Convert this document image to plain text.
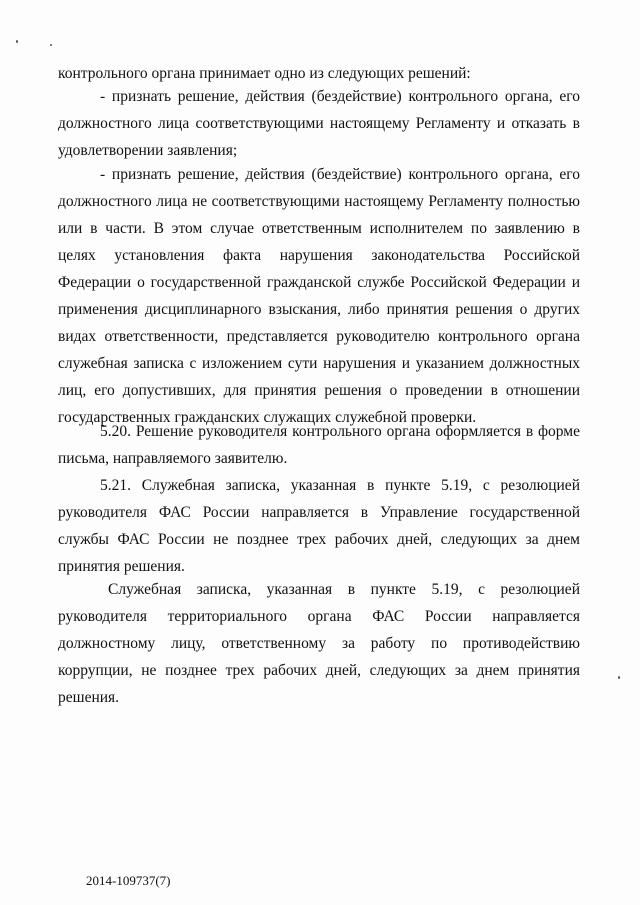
контрольного органа принимает одно из следующих решений:

- признать решение, действия (бездействие) контрольного органа, его должностного лица соответствующими настоящему Регламенту и отказать в удовлетворении заявления;

- признать решение, действия (бездействие) контрольного органа, его должностного лица не соответствующими настоящему Регламенту полностью или в части. В этом случае ответственным исполнителем по заявлению в целях установления факта нарушения законодательства Российской Федерации о государственной гражданской службе Российской Федерации и применения дисциплинарного взыскания, либо принятия решения о других видах ответственности, представляется руководителю контрольного органа служебная записка с изложением сути нарушения и указанием должностных лиц, его допустивших, для принятия решения о проведении в отношении государственных гражданских служащих служебной проверки.

5.20. Решение руководителя контрольного органа оформляется в форме письма, направляемого заявителю.

5.21. Служебная записка, указанная в пункте 5.19, с резолюцией руководителя ФАС России направляется в Управление государственной службы ФАС России не позднее трех рабочих дней, следующих за днем принятия решения.

Служебная записка, указанная в пункте 5.19, с резолюцией руководителя территориального органа ФАС России направляется должностному лицу, ответственному за работу по противодействию коррупции, не позднее трех рабочих дней, следующих за днем принятия решения.

2014-109737(7)
